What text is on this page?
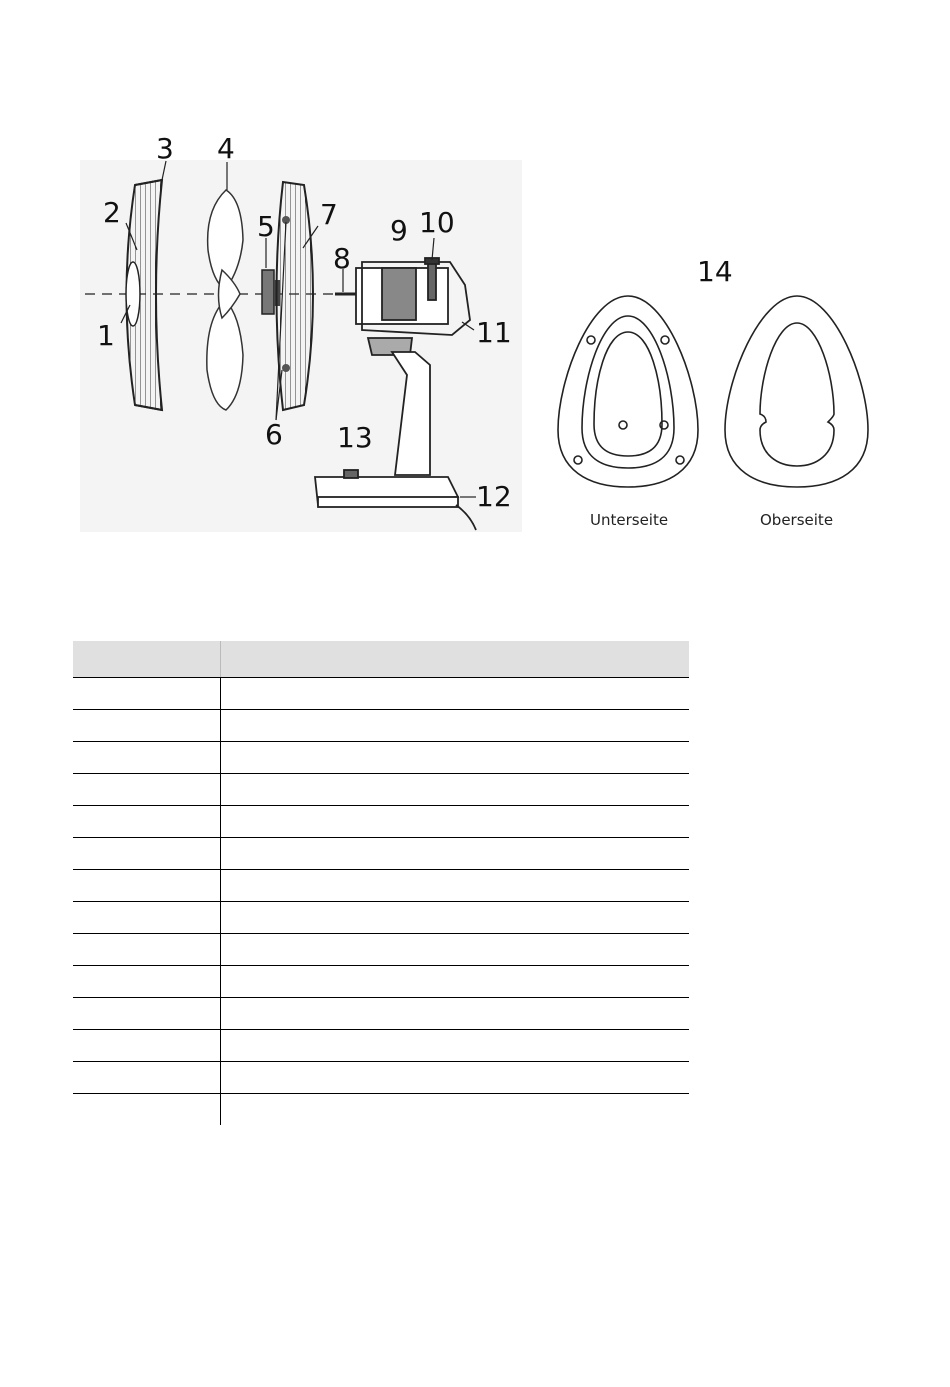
1
2
3 4
5
6
7
8
9 10
11
12
13
14
Unterseite	Oberseite
